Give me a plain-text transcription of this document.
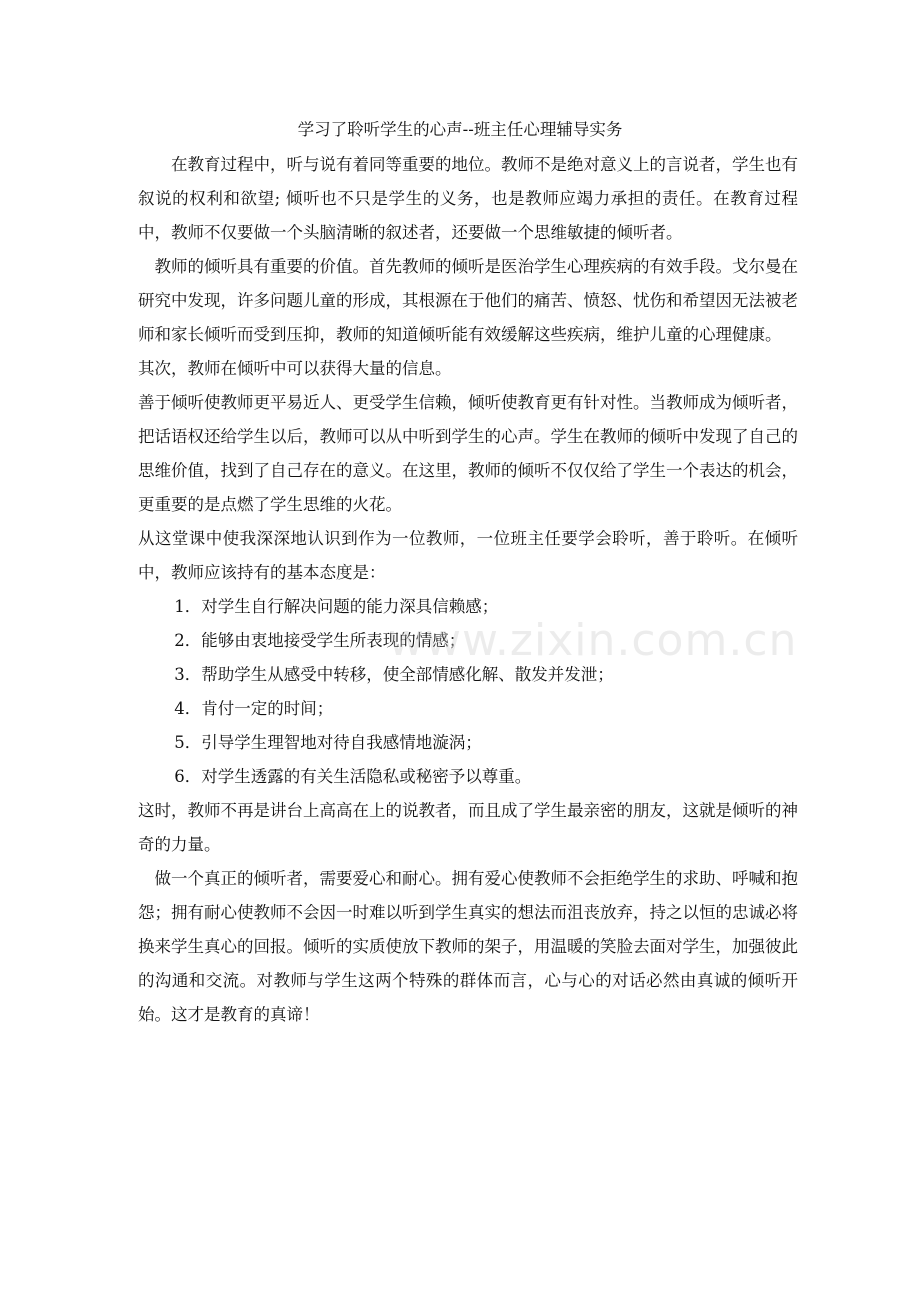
学习了聆听学生的心声--班主任心理辅导实务

在教育过程中，听与说有着同等重要的地位。教师不是绝对意义上的言说者，学生也有叙说的权利和欲望; 倾听也不只是学生的义务，也是教师应竭力承担的责任。在教育过程中，教师不仅要做一个头脑清晰的叙述者，还要做一个思维敏捷的倾听者。

教师的倾听具有重要的价值。首先教师的倾听是医治学生心理疾病的有效手段。戈尔曼在研究中发现，许多问题儿童的形成，其根源在于他们的痛苦、愤怒、忧伤和希望因无法被老师和家长倾听而受到压抑，教师的知道倾听能有效缓解这些疾病，维护儿童的心理健康。

其次，教师在倾听中可以获得大量的信息。

善于倾听使教师更平易近人、更受学生信赖，倾听使教育更有针对性。当教师成为倾听者，把话语权还给学生以后，教师可以从中听到学生的心声。学生在教师的倾听中发现了自己的思维价值，找到了自己存在的意义。在这里，教师的倾听不仅仅给了学生一个表达的机会，更重要的是点燃了学生思维的火花。

从这堂课中使我深深地认识到作为一位教师，一位班主任要学会聆听，善于聆听。在倾听中，教师应该持有的基本态度是：

1．对学生自行解决问题的能力深具信赖感；

2．能够由衷地接受学生所表现的情感；

3．帮助学生从感受中转移，使全部情感化解、散发并发泄；

4．肯付一定的时间；

5．引导学生理智地对待自我感情地漩涡；

6．对学生透露的有关生活隐私或秘密予以尊重。

这时，教师不再是讲台上高高在上的说教者，而且成了学生最亲密的朋友，这就是倾听的神奇的力量。

做一个真正的倾听者，需要爱心和耐心。拥有爱心使教师不会拒绝学生的求助、呼喊和抱怨；拥有耐心使教师不会因一时难以听到学生真实的想法而沮丧放弃，持之以恒的忠诚必将换来学生真心的回报。倾听的实质使放下教师的架子，用温暖的笑脸去面对学生，加强彼此的沟通和交流。对教师与学生这两个特殊的群体而言，心与心的对话必然由真诚的倾听开始。这才是教育的真谛！

www.zixin.com.cn
